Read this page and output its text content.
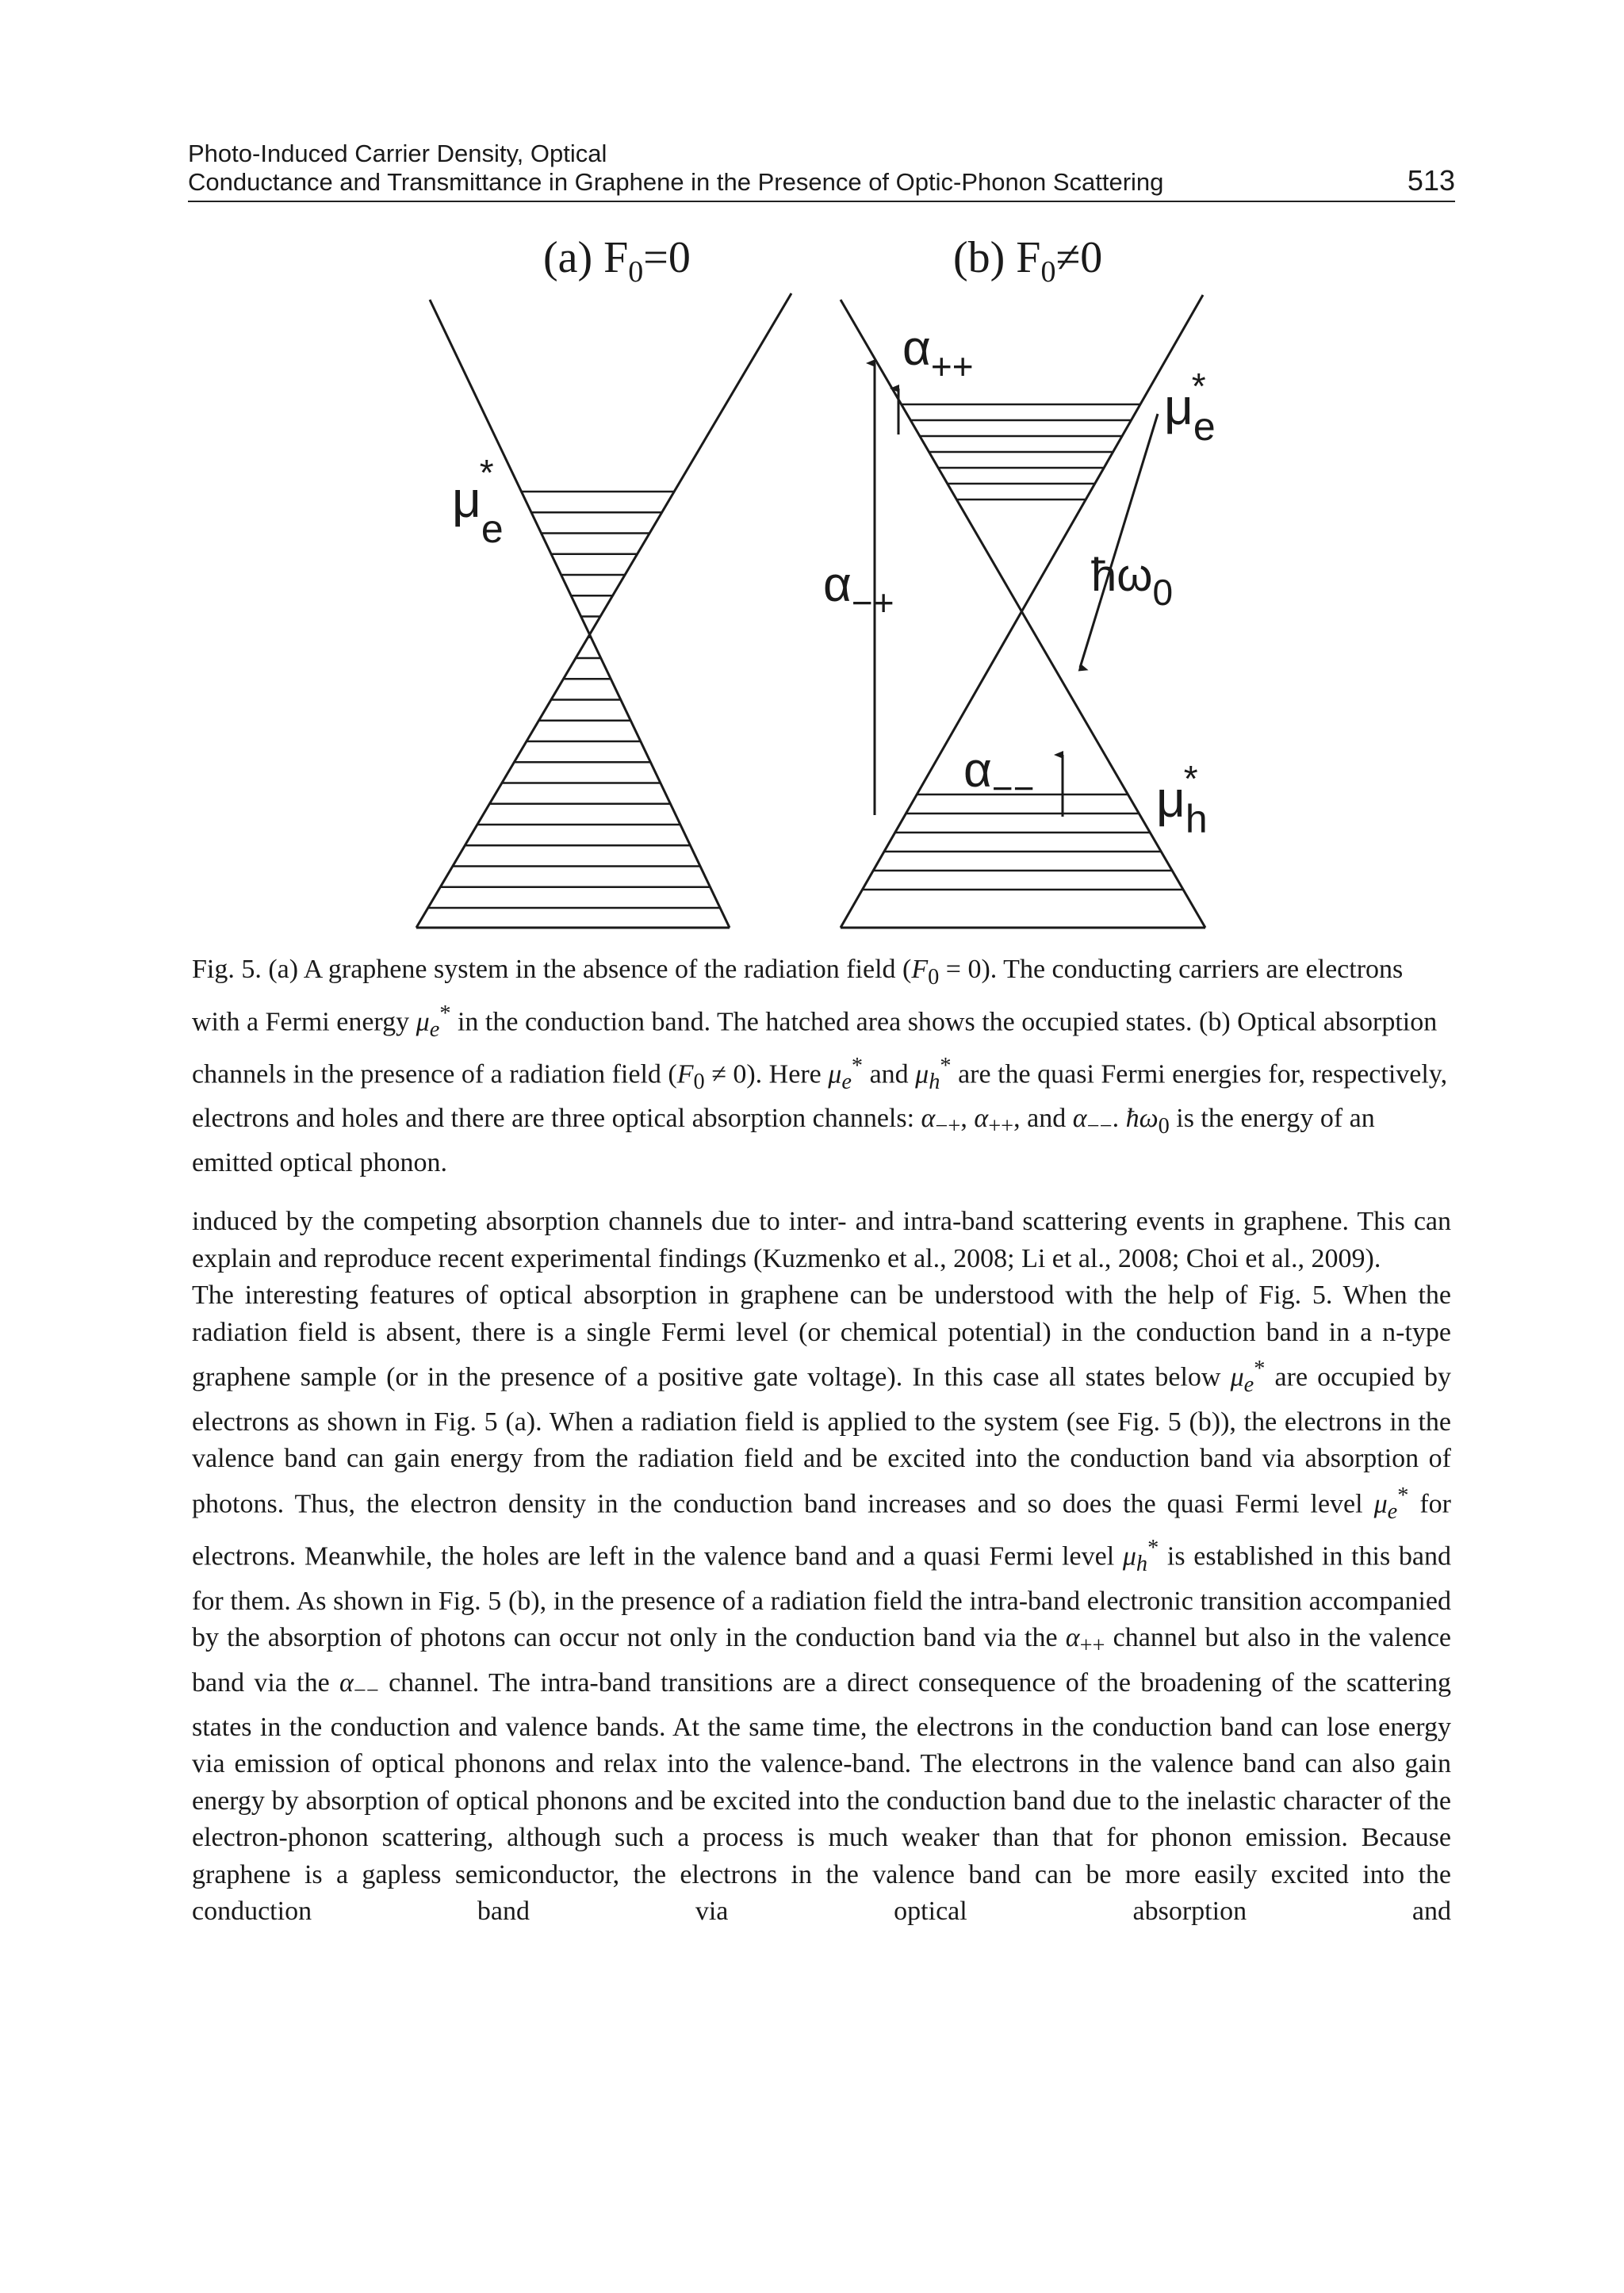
Photo-Induced Carrier Density, Optical
Conductance and Transmittance in Graphene in the Presence of Optic-Phonon Scattering	513
(a) $F_0=0$
$\mu_e*$
(b) $F_0\ne 0$
$\alpha_{++}$
$\mu_e*$
$\alpha_{-+}$
$ħ\omega_0$
$\alpha_{--}$ $\mu_h*$
Fig. 5. (a) A graphene system in the absence of the radiation field $(F_0 = 0)$. The conducting carriers are electrons with a Fermi energy $\mu_e^*$ in the conduction band. The hatched area shows the occupied states. (b) Optical absorption channels in the presence of a radiation field $(F_0 \ne 0)$. Here $\mu_e^*$ and $\mu_h^*$ are the quasi Fermi energies for, respectively, electrons and holes and there are three optical absorption channels: $\alpha_{-+}$, $\alpha_{++}$, and $\alpha_{--}$. $ħ\omega_0$ is the energy of an emitted optical phonon.

induced by the competing absorption channels due to inter- and intra-band scattering events in graphene. This can explain and reproduce recent experimental findings (Kuzmenko et al., 2008; Li et al., 2008; Choi et al., 2009).

The interesting features of optical absorption in graphene can be understood with the help of Fig. 5. When the radiation field is absent, there is a single Fermi level (or chemical potential) in the conduction band in a n-type graphene sample (or in the presence of a positive gate voltage). In this case all states below $\mu_e^*$ are occupied by electrons as shown in Fig. 5 (a). When a radiation field is applied to the system (see Fig. 5 (b)), the electrons in the valence band can gain energy from the radiation field and be excited into the conduction band via absorption of photons. Thus, the electron density in the conduction band increases and so does the quasi Fermi level $\mu_e^*$ for electrons. Meanwhile, the holes are left in the valence band and a quasi Fermi level $\mu_h^*$ is established in this band for them. As shown in Fig. 5 (b), in the presence of a radiation field the intra-band electronic transition accompanied by the absorption of photons can occur not only in the conduction band via the $\alpha_{++}$ channel but also in the valence band via the $\alpha_{--}$ channel. The intra-band transitions are a direct consequence of the broadening of the scattering states in the conduction and valence bands. At the same time, the electrons in the conduction band can lose energy via emission of optical phonons and relax into the valence-band. The electrons in the valence band can also gain energy by absorption of optical phonons and be excited into the conduction band due to the inelastic character of the electron-phonon scattering, although such a process is much weaker than that for phonon emission. Because graphene is a gapless semiconductor, the electrons in the valence band can be more easily excited into the conduction band via optical absorption and
